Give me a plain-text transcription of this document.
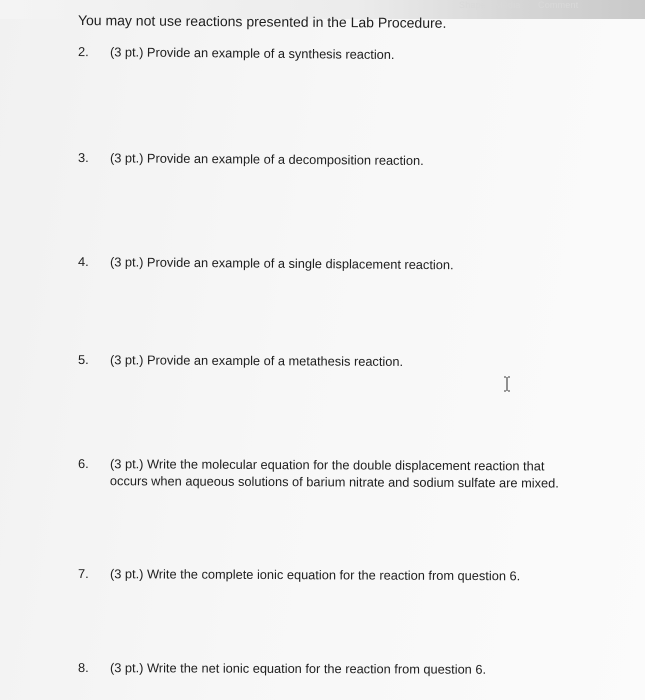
Shape Media Comment
You may not use reactions presented in the Lab Procedure.
2. (3 pt.) Provide an example of a synthesis reaction.
3. (3 pt.) Provide an example of a decomposition reaction.
4. (3 pt.) Provide an example of a single displacement reaction.
5. (3 pt.) Provide an example of a metathesis reaction.
6. (3 pt.) Write the molecular equation for the double displacement reaction that
occurs when aqueous solutions of barium nitrate and sodium sulfate are mixed.
7. (3 pt.) Write the complete ionic equation for the reaction from question 6.
8. (3 pt.) Write the net ionic equation for the reaction from question 6.
